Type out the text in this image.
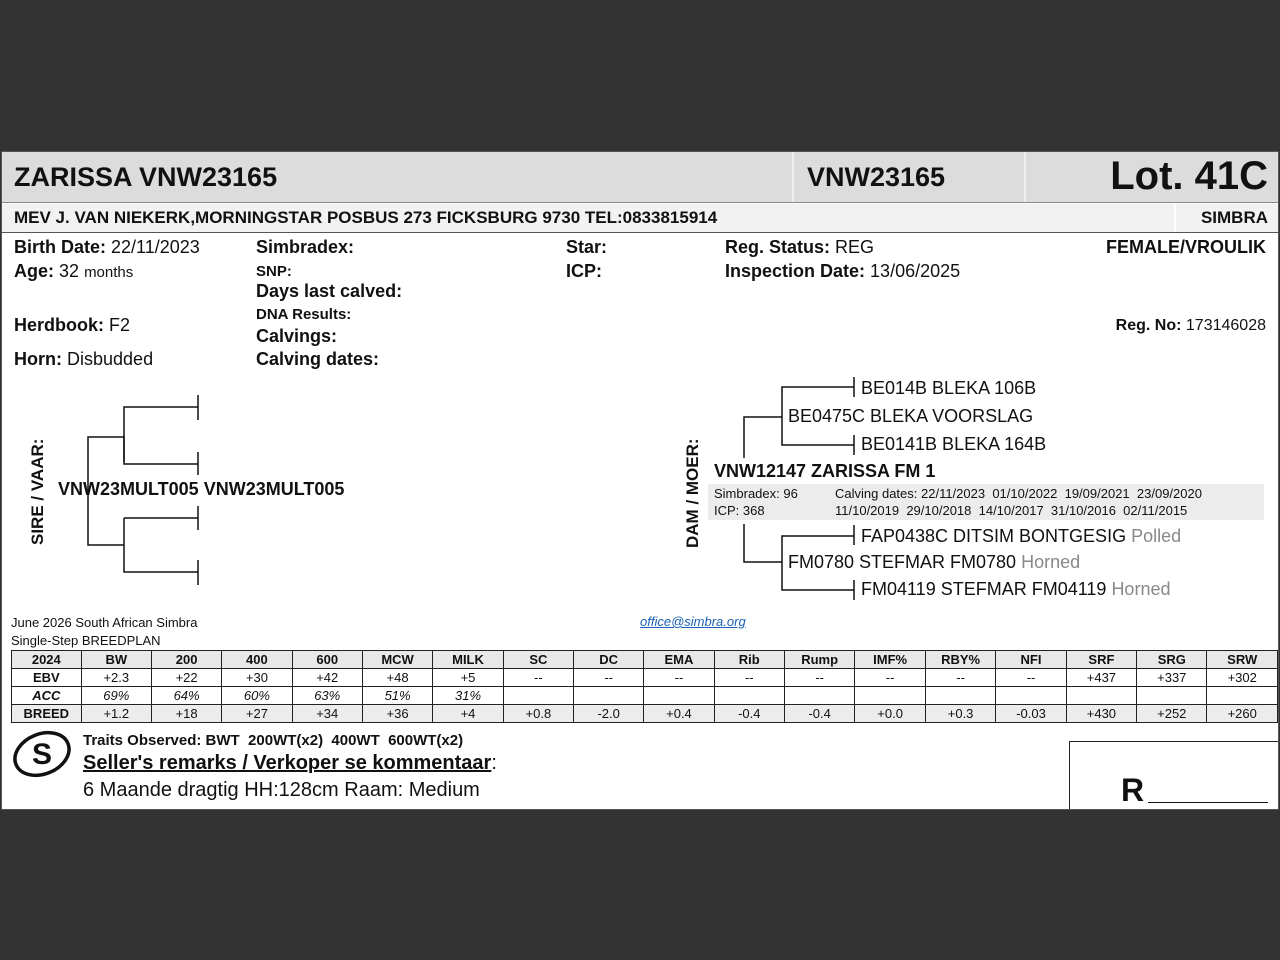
ZARISSA VNW23165	VNW23165	Lot. 41C
MEV J. VAN NIEKERK,MORNINGSTAR POSBUS 273 FICKSBURG 9730 TEL:0833815914	SIMBRA
Birth Date: 22/11/2023
Age: 32 months
Herdbook: F2
Horn: Disbudded
Simbradex:
SNP:
Days last calved:
DNA Results:
Calvings:
Calving dates:
Star:
ICP:
Reg. Status: REG
Inspection Date: 13/06/2025
FEMALE/VROULIK
Reg. No: 173146028
SIRE / VAAR: VNW23MULT005 VNW23MULT005	DAM / MOER:
BE014B BLEKA 106B
BE0475C BLEKA VOORSLAG
BE0141B BLEKA 164B
VNW12147 ZARISSA FM 1
Simbradex: 96
ICP: 368
Calving dates: 22/11/2023  01/10/2022  19/09/2021  23/09/2020
11/10/2019  29/10/2018  14/10/2017  31/10/2016  02/11/2015
FAP0438C DITSIM BONTGESIG Polled
FM0780 STEFMAR FM0780 Horned
FM04119 STEFMAR FM04119 Horned
June 2026 South African Simbra
Single-Step BREEDPLAN
office@simbra.org
2024	BW	200	400	600	MCW	MILK	SC	DC	EMA	Rib	Rump	IMF%	RBY%	NFI	SRF	SRG	SRW
EBV	+2.3	+22	+30	+42	+48	+5	--	--	--	--	--	--	--	--	+437	+337	+302
ACC	69%	64%	60%	63%	51%	31%											
BREED	+1.2	+18	+27	+34	+36	+4	+0.8	-2.0	+0.4	-0.4	-0.4	+0.0	+0.3	-0.03	+430	+252	+260
S Traits Observed: BWT  200WT(x2)  400WT  600WT(x2)
Seller's remarks / Verkoper se kommentaar:
6 Maande dragtig HH:128cm Raam: Medium	R
